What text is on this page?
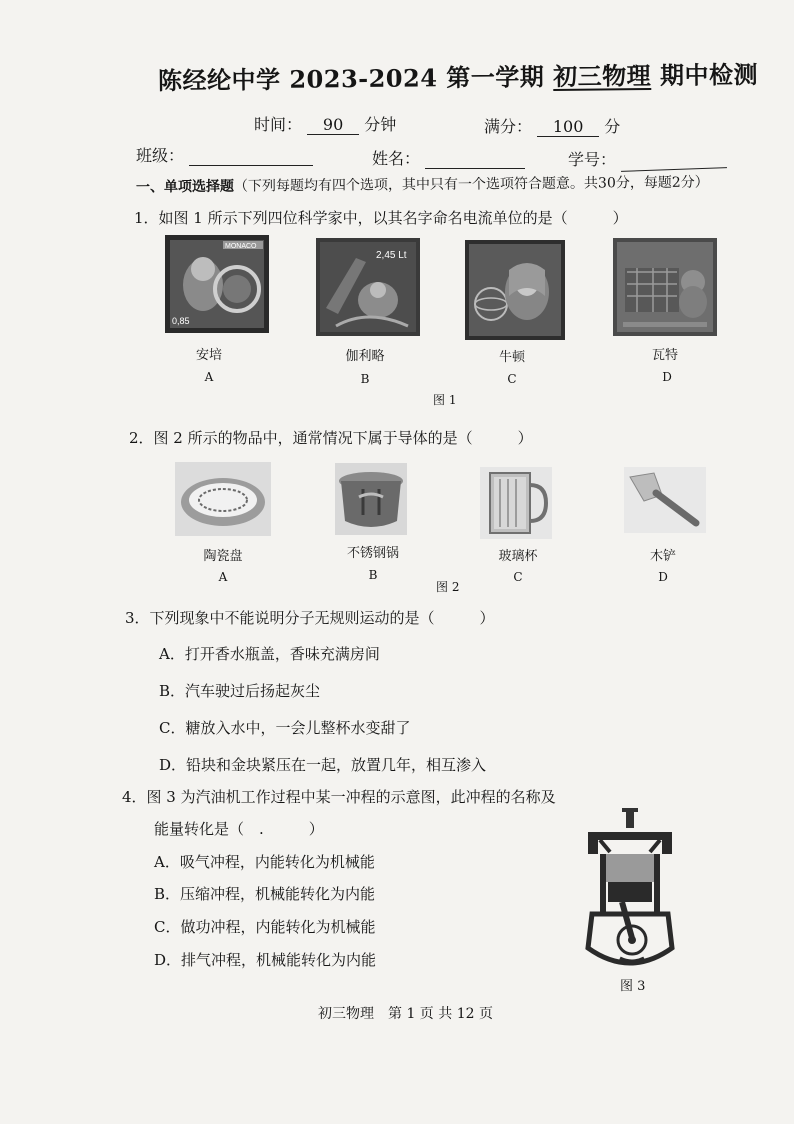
陈经纶中学 2023-2024 第一学期 初三物理 期中检测
时间： 90 分钟	满分： 100 分
班级：	姓名：	学号：
一、单项选择题（下列每题均有四个选项，其中只有一个选项符合题意。共30分，每题2分）
1．如图 1 所示下列四位科学家中，以其名字命名电流单位的是（　　　）
MONACO
0,85
2,45 Lt
安培	伽利略	牛顿	瓦特
A	B	C	D
图 1
2．图 2 所示的物品中，通常情况下属于导体的是（　　　）
陶瓷盘	不锈钢锅	玻璃杯	木铲
A	B	C	D
图 2
3．下列现象中不能说明分子无规则运动的是（　　　）
A．打开香水瓶盖，香味充满房间
B．汽车驶过后扬起灰尘
C．糖放入水中，一会儿整杯水变甜了
D．铅块和金块紧压在一起，放置几年，相互渗入
4．图 3 为汽油机工作过程中某一冲程的示意图，此冲程的名称及
能量转化是（　.　　　）
A．吸气冲程，内能转化为机械能
B．压缩冲程，机械能转化为内能
C．做功冲程，内能转化为机械能
D．排气冲程，机械能转化为内能
图 3
初三物理　第 1 页 共 12 页
